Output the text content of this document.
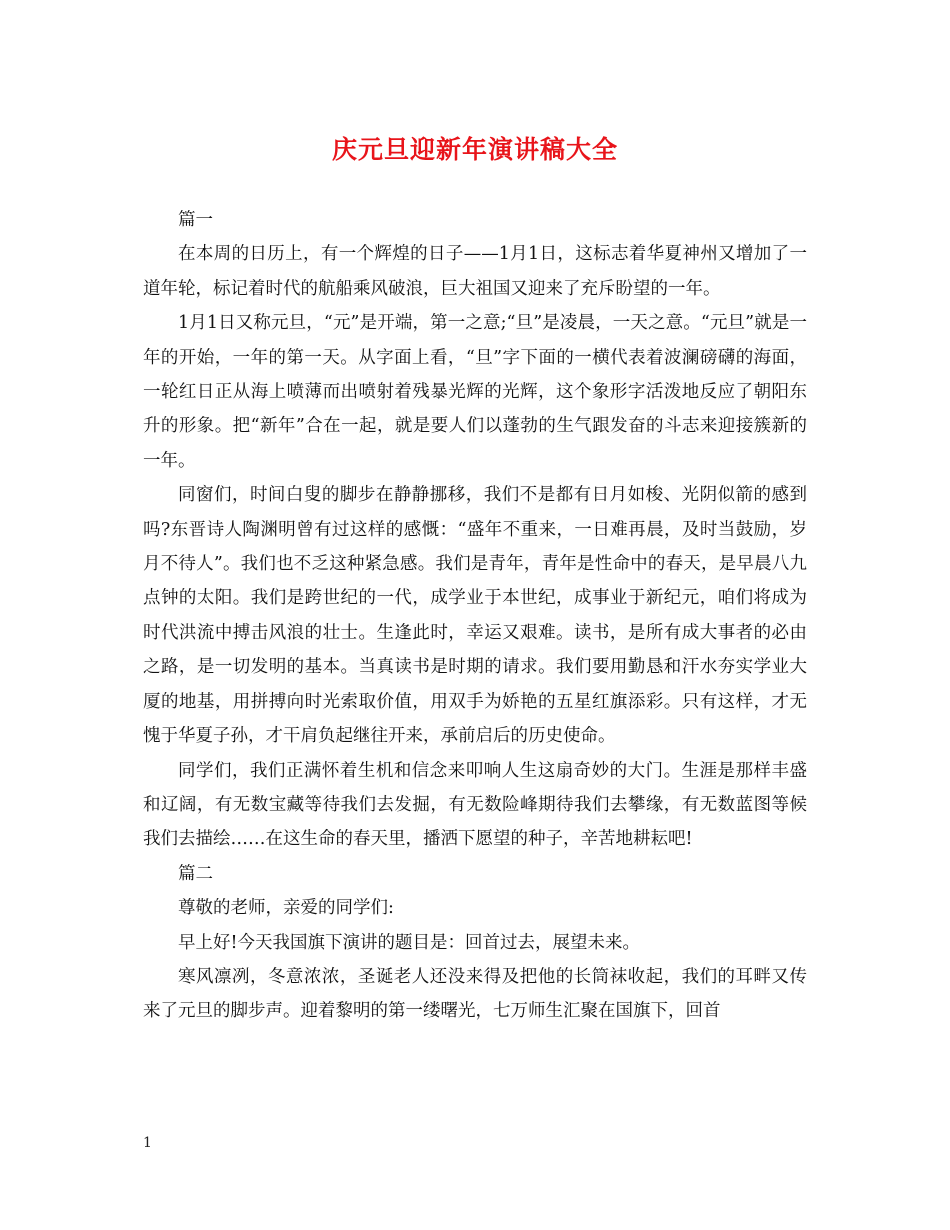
庆元旦迎新年演讲稿大全

篇一

在本周的日历上，有一个辉煌的日子——1月1日，这标志着华夏神州又增加了一道年轮，标记着时代的航船乘风破浪，巨大祖国又迎来了充斥盼望的一年。

1月1日又称元旦，“元”是开端，第一之意;“旦”是凌晨，一天之意。“元旦”就是一年的开始，一年的第一天。从字面上看，“旦”字下面的一横代表着波澜磅礴的海面，一轮红日正从海上喷薄而出喷射着残暴光辉的光辉，这个象形字活泼地反应了朝阳东升的形象。把“新年”合在一起，就是要人们以蓬勃的生气跟发奋的斗志来迎接簇新的一年。

同窗们，时间白叟的脚步在静静挪移，我们不是都有日月如梭、光阴似箭的感到吗?东晋诗人陶渊明曾有过这样的感慨：“盛年不重来，一日难再晨，及时当鼓励，岁月不待人”。我们也不乏这种紧急感。我们是青年，青年是性命中的春天，是早晨八九点钟的太阳。我们是跨世纪的一代，成学业于本世纪，成事业于新纪元，咱们将成为时代洪流中搏击风浪的壮士。生逢此时，幸运又艰难。读书，是所有成大事者的必由之路，是一切发明的基本。当真读书是时期的请求。我们要用勤恳和汗水夯实学业大厦的地基，用拼搏向时光索取价值，用双手为娇艳的五星红旗添彩。只有这样，才无愧于华夏子孙，才干肩负起继往开来，承前启后的历史使命。

同学们，我们正满怀着生机和信念来叩响人生这扇奇妙的大门。生涯是那样丰盛和辽阔，有无数宝藏等待我们去发掘，有无数险峰期待我们去攀缘，有无数蓝图等候我们去描绘……在这生命的春天里，播洒下愿望的种子，辛苦地耕耘吧!

篇二

尊敬的老师，亲爱的同学们:

早上好!今天我国旗下演讲的题目是：回首过去，展望未来。

寒风凛冽，冬意浓浓，圣诞老人还没来得及把他的长筒袜收起，我们的耳畔又传来了元旦的脚步声。迎着黎明的第一缕曙光，七万师生汇聚在国旗下，回首

1
